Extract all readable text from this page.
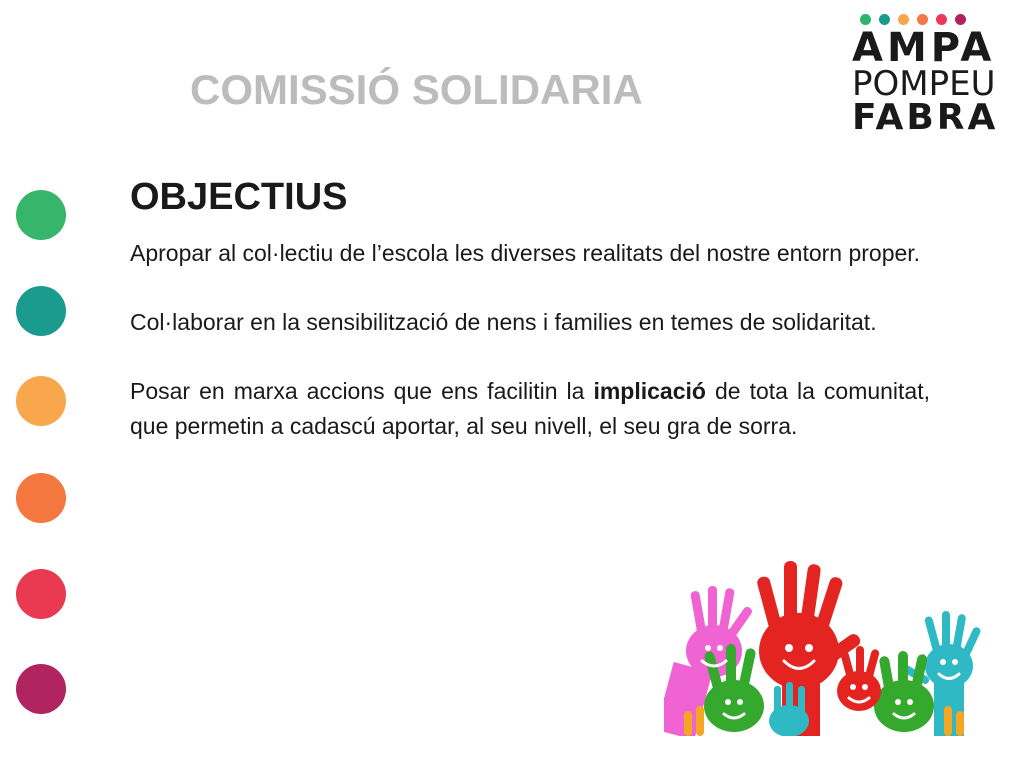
COMISSIÓ SOLIDARIA
AMPA
POMPEU
FABRA
OBJECTIUS

Apropar al col·lectiu de l’escola les diverses realitats del nostre entorn proper.

Col·laborar en la sensibilització de nens i families en temes de solidaritat.

Posar en marxa accions que ens facilitin la implicació de tota la comunitat, que permetin a cadascú aportar, al seu nivell, el seu gra de sorra.
